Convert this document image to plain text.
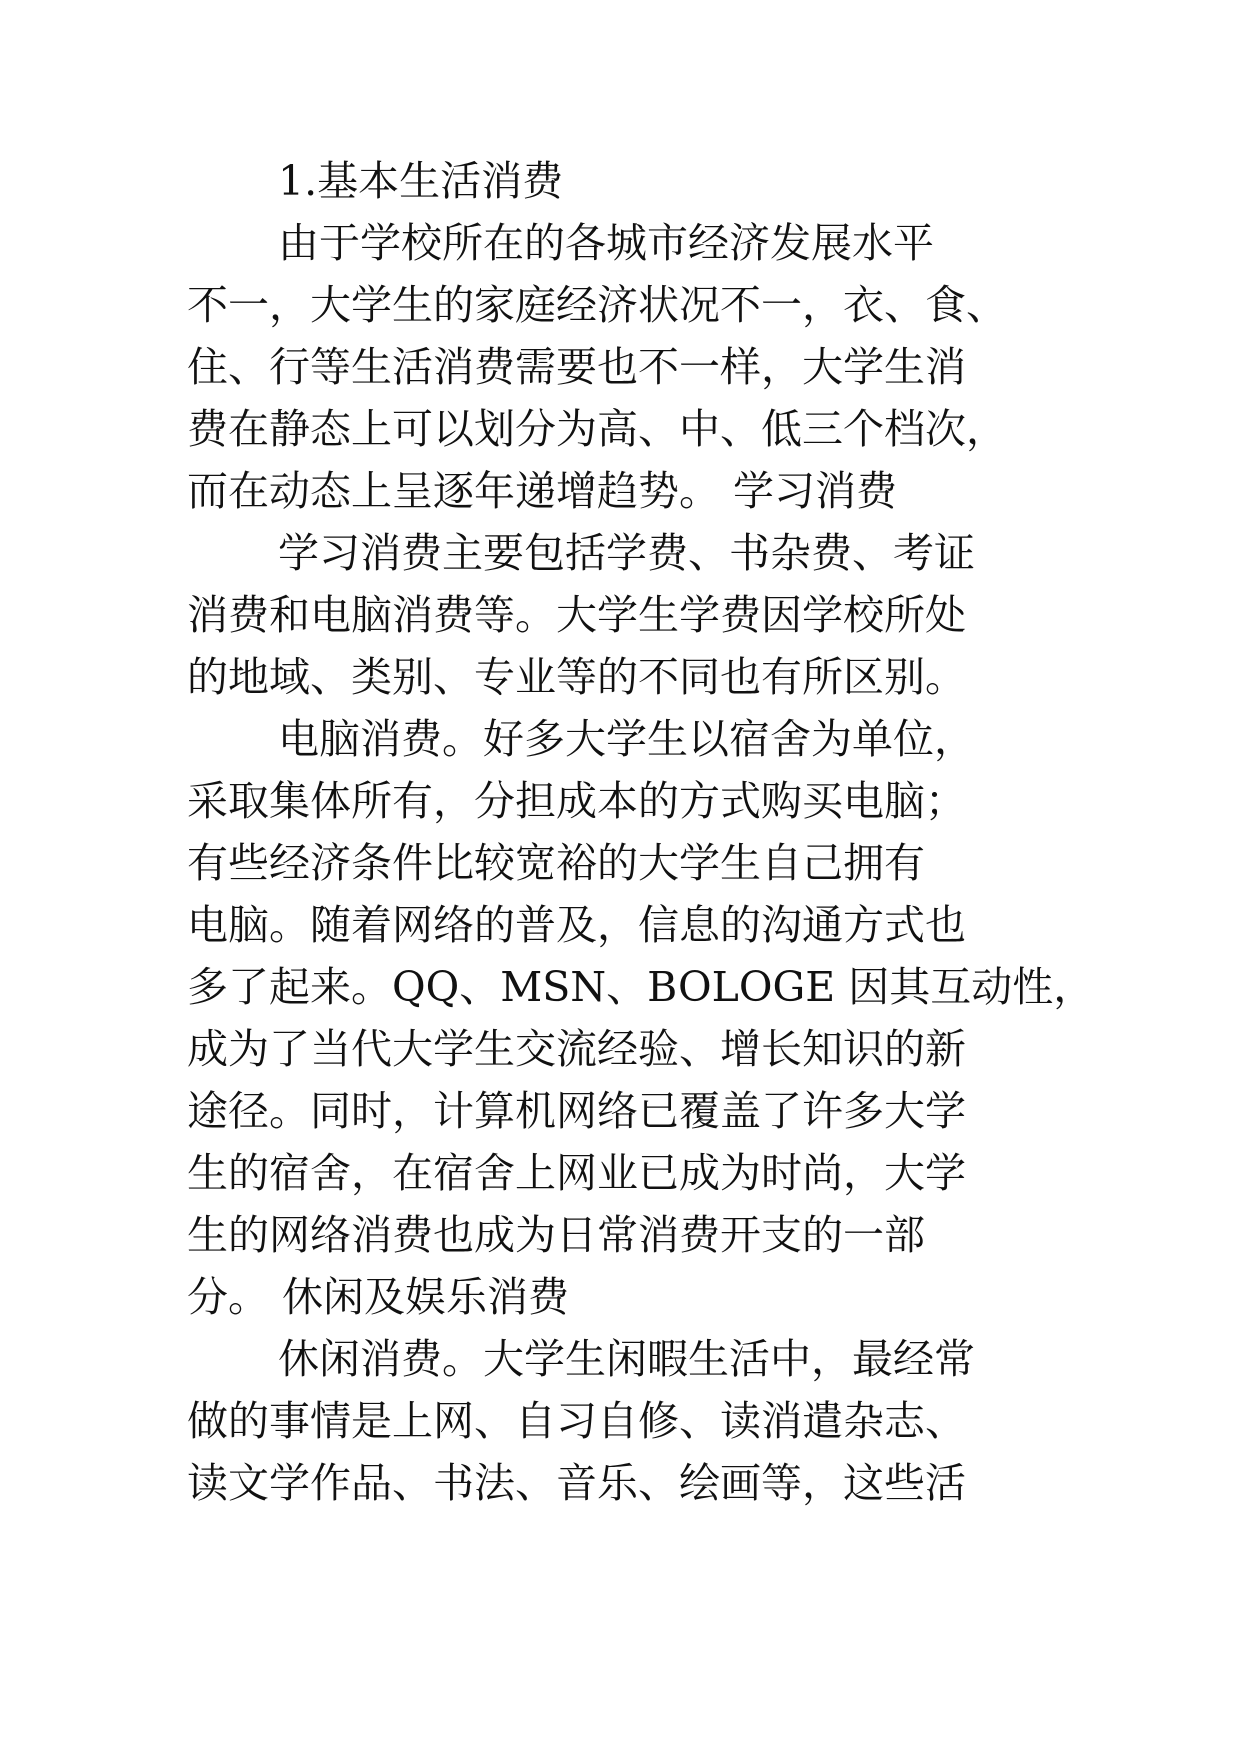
1.基本生活消费
由于学校所在的各城市经济发展水平
不一，大学生的家庭经济状况不一，衣、食、
住、行等生活消费需要也不一样，大学生消
费在静态上可以划分为高、中、低三个档次，
而在动态上呈逐年递增趋势。 学习消费
学习消费主要包括学费、书杂费、考证
消费和电脑消费等。大学生学费因学校所处
的地域、类别、专业等的不同也有所区别。
电脑消费。好多大学生以宿舍为单位，
采取集体所有，分担成本的方式购买电脑；
有些经济条件比较宽裕的大学生自己拥有
电脑。随着网络的普及，信息的沟通方式也
多了起来。QQ、MSN、BOLOGE 因其互动性，
成为了当代大学生交流经验、增长知识的新
途径。同时，计算机网络已覆盖了许多大学
生的宿舍，在宿舍上网业已成为时尚，大学
生的网络消费也成为日常消费开支的一部
分。 休闲及娱乐消费
休闲消费。大学生闲暇生活中，最经常
做的事情是上网、自习自修、读消遣杂志、
读文学作品、书法、音乐、绘画等，这些活
